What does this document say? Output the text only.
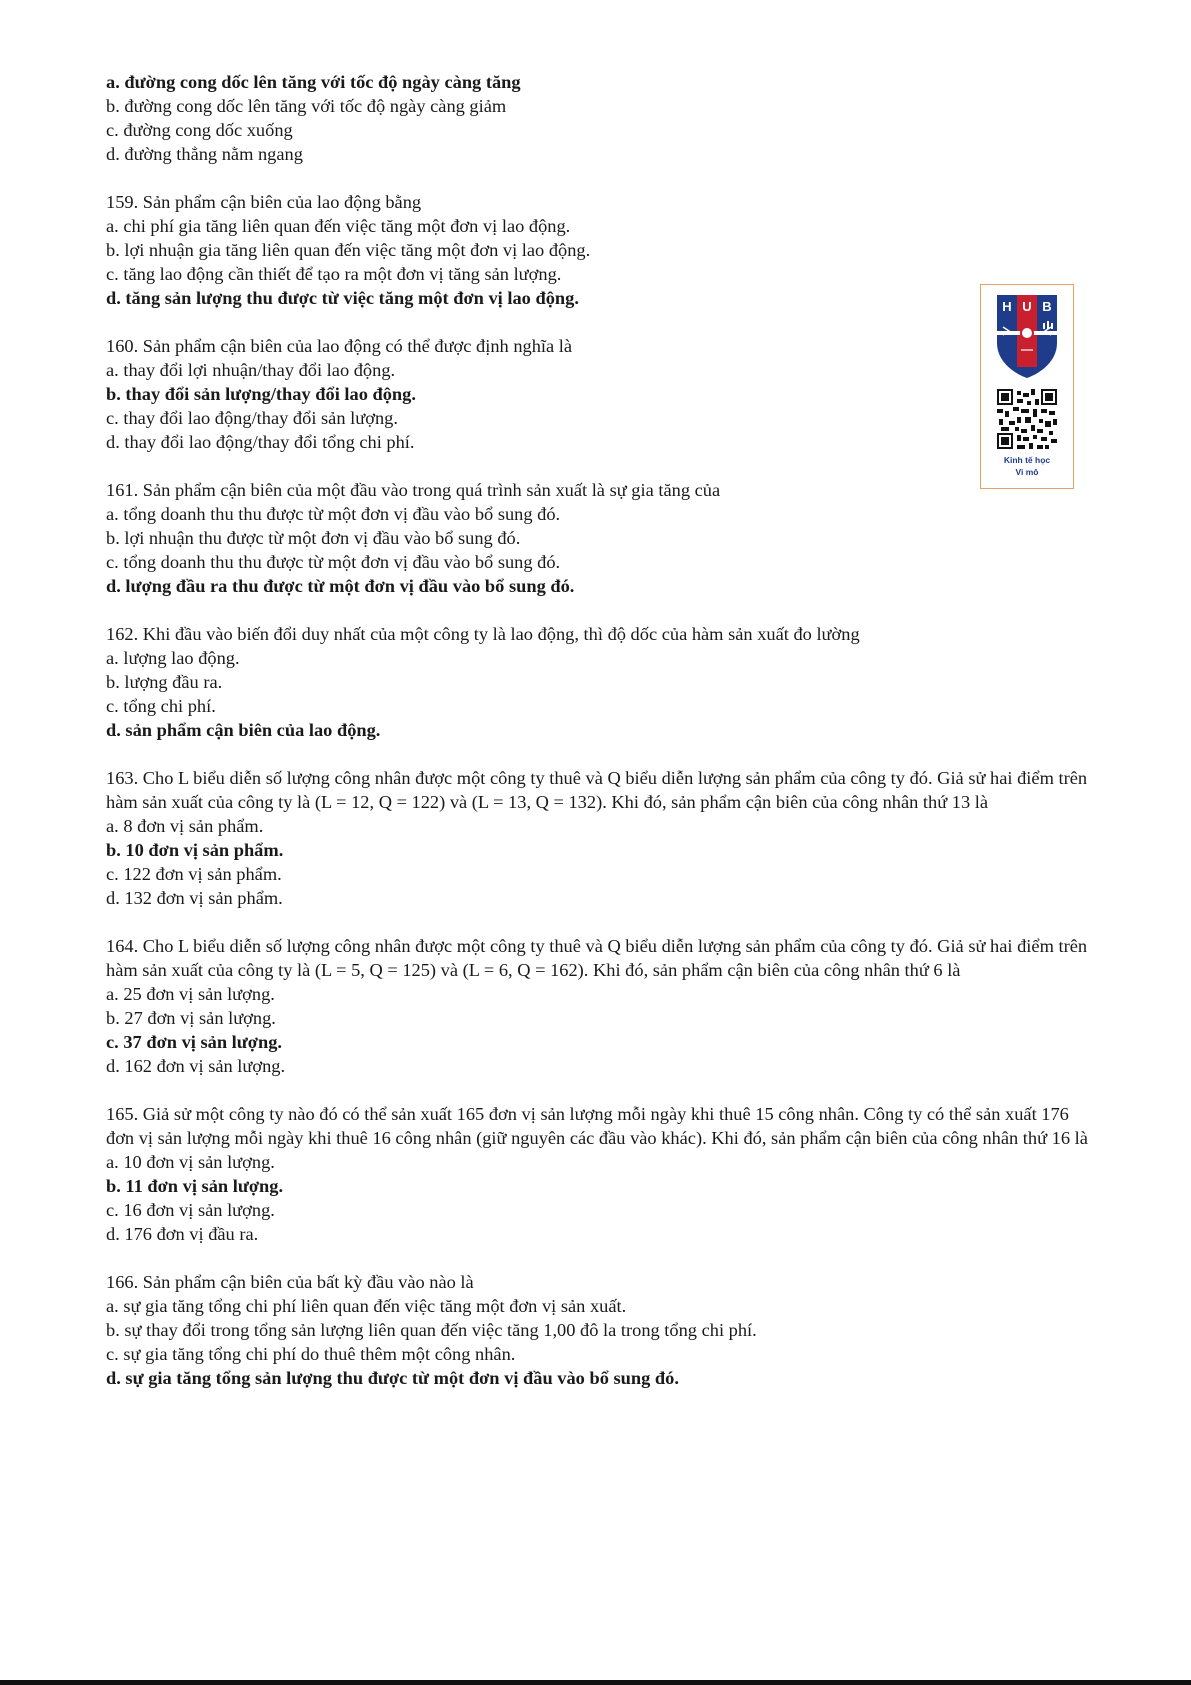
a. đường cong dốc lên tăng với tốc độ ngày càng tăng
b. đường cong dốc lên tăng với tốc độ ngày càng giảm
c. đường cong dốc xuống
d. đường thẳng nằm ngang
159. Sản phẩm cận biên của lao động bằng
a. chi phí gia tăng liên quan đến việc tăng một đơn vị lao động.
b. lợi nhuận gia tăng liên quan đến việc tăng một đơn vị lao động.
c. tăng lao động cần thiết để tạo ra một đơn vị tăng sản lượng.
d. tăng sản lượng thu được từ việc tăng một đơn vị lao động.
160. Sản phẩm cận biên của lao động có thể được định nghĩa là
a. thay đổi lợi nhuận/thay đổi lao động.
b. thay đổi sản lượng/thay đổi lao động.
c. thay đổi lao động/thay đổi sản lượng.
d. thay đổi lao động/thay đổi tổng chi phí.
161. Sản phẩm cận biên của một đầu vào trong quá trình sản xuất là sự gia tăng của
a. tổng doanh thu thu được từ một đơn vị đầu vào bổ sung đó.
b. lợi nhuận thu được từ một đơn vị đầu vào bổ sung đó.
c. tổng doanh thu thu được từ một đơn vị đầu vào bổ sung đó.
d. lượng đầu ra thu được từ một đơn vị đầu vào bổ sung đó.
162. Khi đầu vào biến đổi duy nhất của một công ty là lao động, thì độ dốc của hàm sản xuất đo lường
a. lượng lao động.
b. lượng đầu ra.
c. tổng chi phí.
d. sản phẩm cận biên của lao động.
163. Cho L biểu diễn số lượng công nhân được một công ty thuê và Q biểu diễn lượng sản phẩm của công ty đó. Giả sử hai điểm trên hàm sản xuất của công ty là (L = 12, Q = 122) và (L = 13, Q = 132). Khi đó, sản phẩm cận biên của công nhân thứ 13 là
a. 8 đơn vị sản phẩm.
b. 10 đơn vị sản phẩm.
c. 122 đơn vị sản phẩm.
d. 132 đơn vị sản phẩm.
164. Cho L biểu diễn số lượng công nhân được một công ty thuê và Q biểu diễn lượng sản phẩm của công ty đó. Giả sử hai điểm trên hàm sản xuất của công ty là (L = 5, Q = 125) và (L = 6, Q = 162). Khi đó, sản phẩm cận biên của công nhân thứ 6 là
a. 25 đơn vị sản lượng.
b. 27 đơn vị sản lượng.
c. 37 đơn vị sản lượng.
d. 162 đơn vị sản lượng.
165. Giả sử một công ty nào đó có thể sản xuất 165 đơn vị sản lượng mỗi ngày khi thuê 15 công nhân. Công ty có thể sản xuất 176 đơn vị sản lượng mỗi ngày khi thuê 16 công nhân (giữ nguyên các đầu vào khác). Khi đó, sản phẩm cận biên của công nhân thứ 16 là
a. 10 đơn vị sản lượng.
b. 11 đơn vị sản lượng.
c. 16 đơn vị sản lượng.
d. 176 đơn vị đầu ra.
166. Sản phẩm cận biên của bất kỳ đầu vào nào là
a. sự gia tăng tổng chi phí liên quan đến việc tăng một đơn vị sản xuất.
b. sự thay đổi trong tổng sản lượng liên quan đến việc tăng 1,00 đô la trong tổng chi phí.
c. sự gia tăng tổng chi phí do thuê thêm một công nhân.
d. sự gia tăng tổng sản lượng thu được từ một đơn vị đầu vào bổ sung đó.
H U B
Kinh tế học
Vi mô
